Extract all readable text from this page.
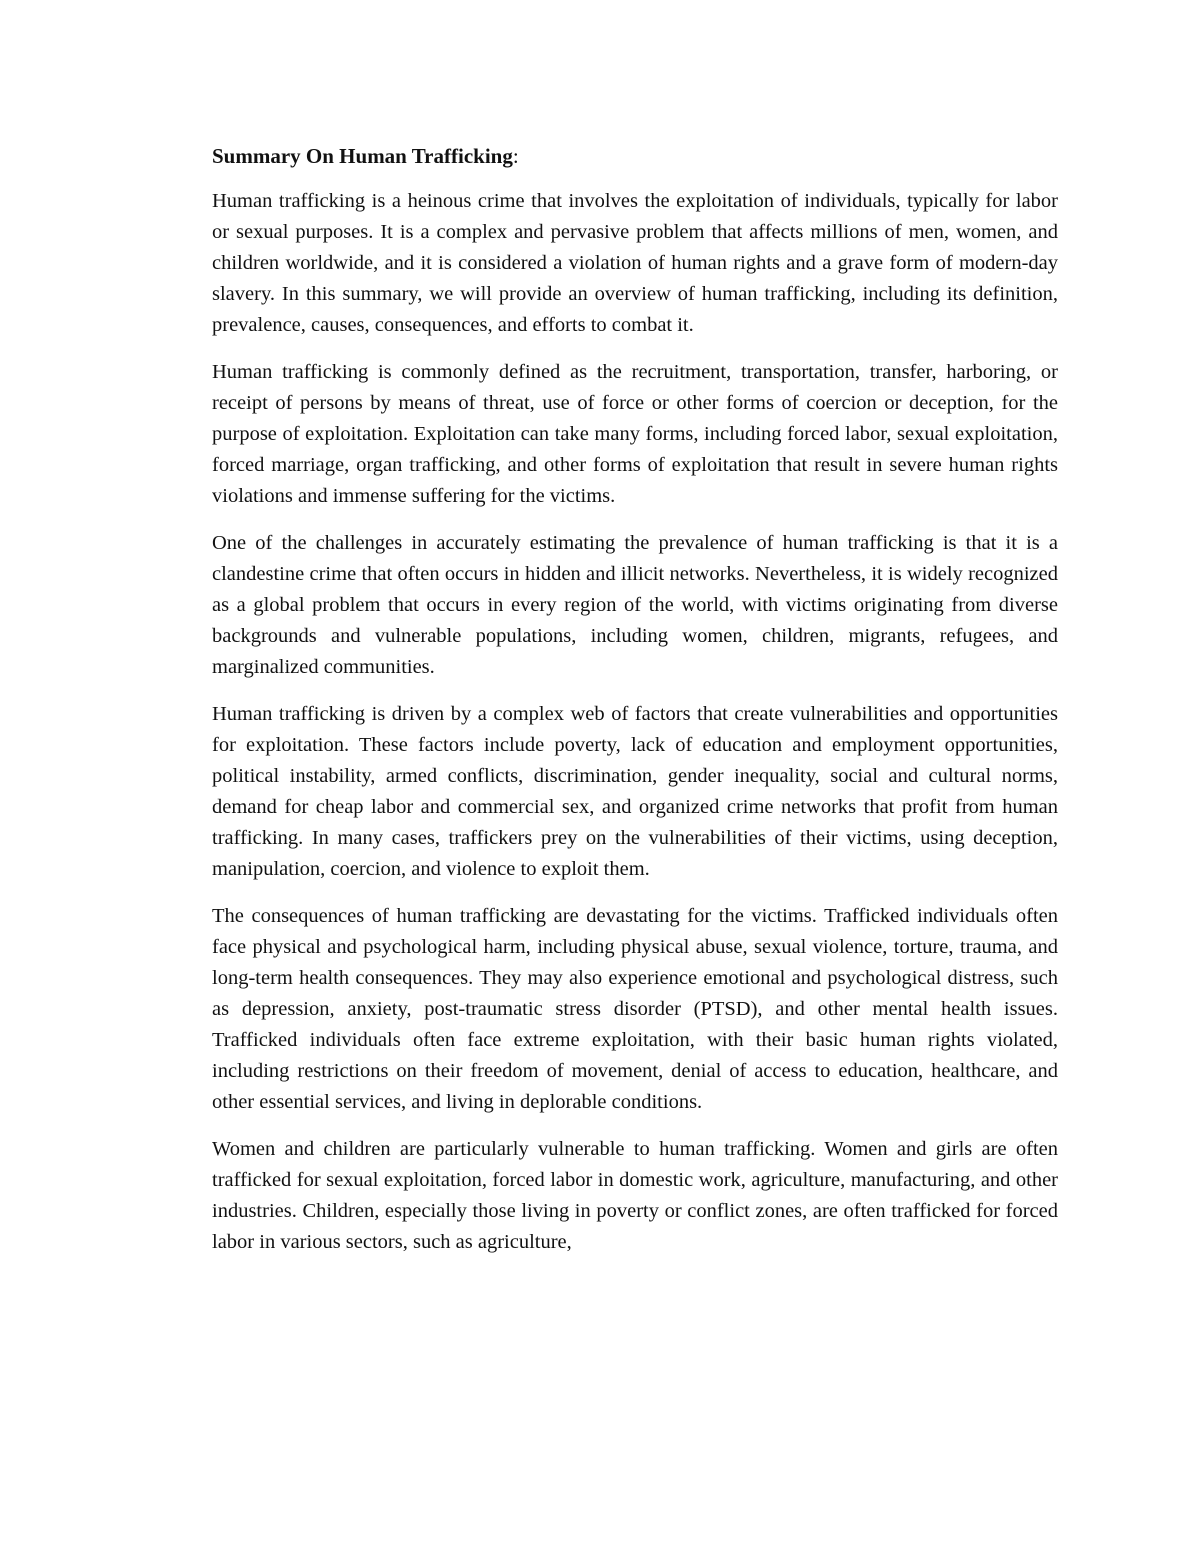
Summary On Human Trafficking:

Human trafficking is a heinous crime that involves the exploitation of individuals, typically for labor or sexual purposes. It is a complex and pervasive problem that affects millions of men, women, and children worldwide, and it is considered a violation of human rights and a grave form of modern-day slavery. In this summary, we will provide an overview of human trafficking, including its definition, prevalence, causes, consequences, and efforts to combat it.

Human trafficking is commonly defined as the recruitment, transportation, transfer, harboring, or receipt of persons by means of threat, use of force or other forms of coercion or deception, for the purpose of exploitation. Exploitation can take many forms, including forced labor, sexual exploitation, forced marriage, organ trafficking, and other forms of exploitation that result in severe human rights violations and immense suffering for the victims.

One of the challenges in accurately estimating the prevalence of human trafficking is that it is a clandestine crime that often occurs in hidden and illicit networks. Nevertheless, it is widely recognized as a global problem that occurs in every region of the world, with victims originating from diverse backgrounds and vulnerable populations, including women, children, migrants, refugees, and marginalized communities.

Human trafficking is driven by a complex web of factors that create vulnerabilities and opportunities for exploitation. These factors include poverty, lack of education and employment opportunities, political instability, armed conflicts, discrimination, gender inequality, social and cultural norms, demand for cheap labor and commercial sex, and organized crime networks that profit from human trafficking. In many cases, traffickers prey on the vulnerabilities of their victims, using deception, manipulation, coercion, and violence to exploit them.

The consequences of human trafficking are devastating for the victims. Trafficked individuals often face physical and psychological harm, including physical abuse, sexual violence, torture, trauma, and long-term health consequences. They may also experience emotional and psychological distress, such as depression, anxiety, post-traumatic stress disorder (PTSD), and other mental health issues. Trafficked individuals often face extreme exploitation, with their basic human rights violated, including restrictions on their freedom of movement, denial of access to education, healthcare, and other essential services, and living in deplorable conditions.

Women and children are particularly vulnerable to human trafficking. Women and girls are often trafficked for sexual exploitation, forced labor in domestic work, agriculture, manufacturing, and other industries. Children, especially those living in poverty or conflict zones, are often trafficked for forced labor in various sectors, such as agriculture,
